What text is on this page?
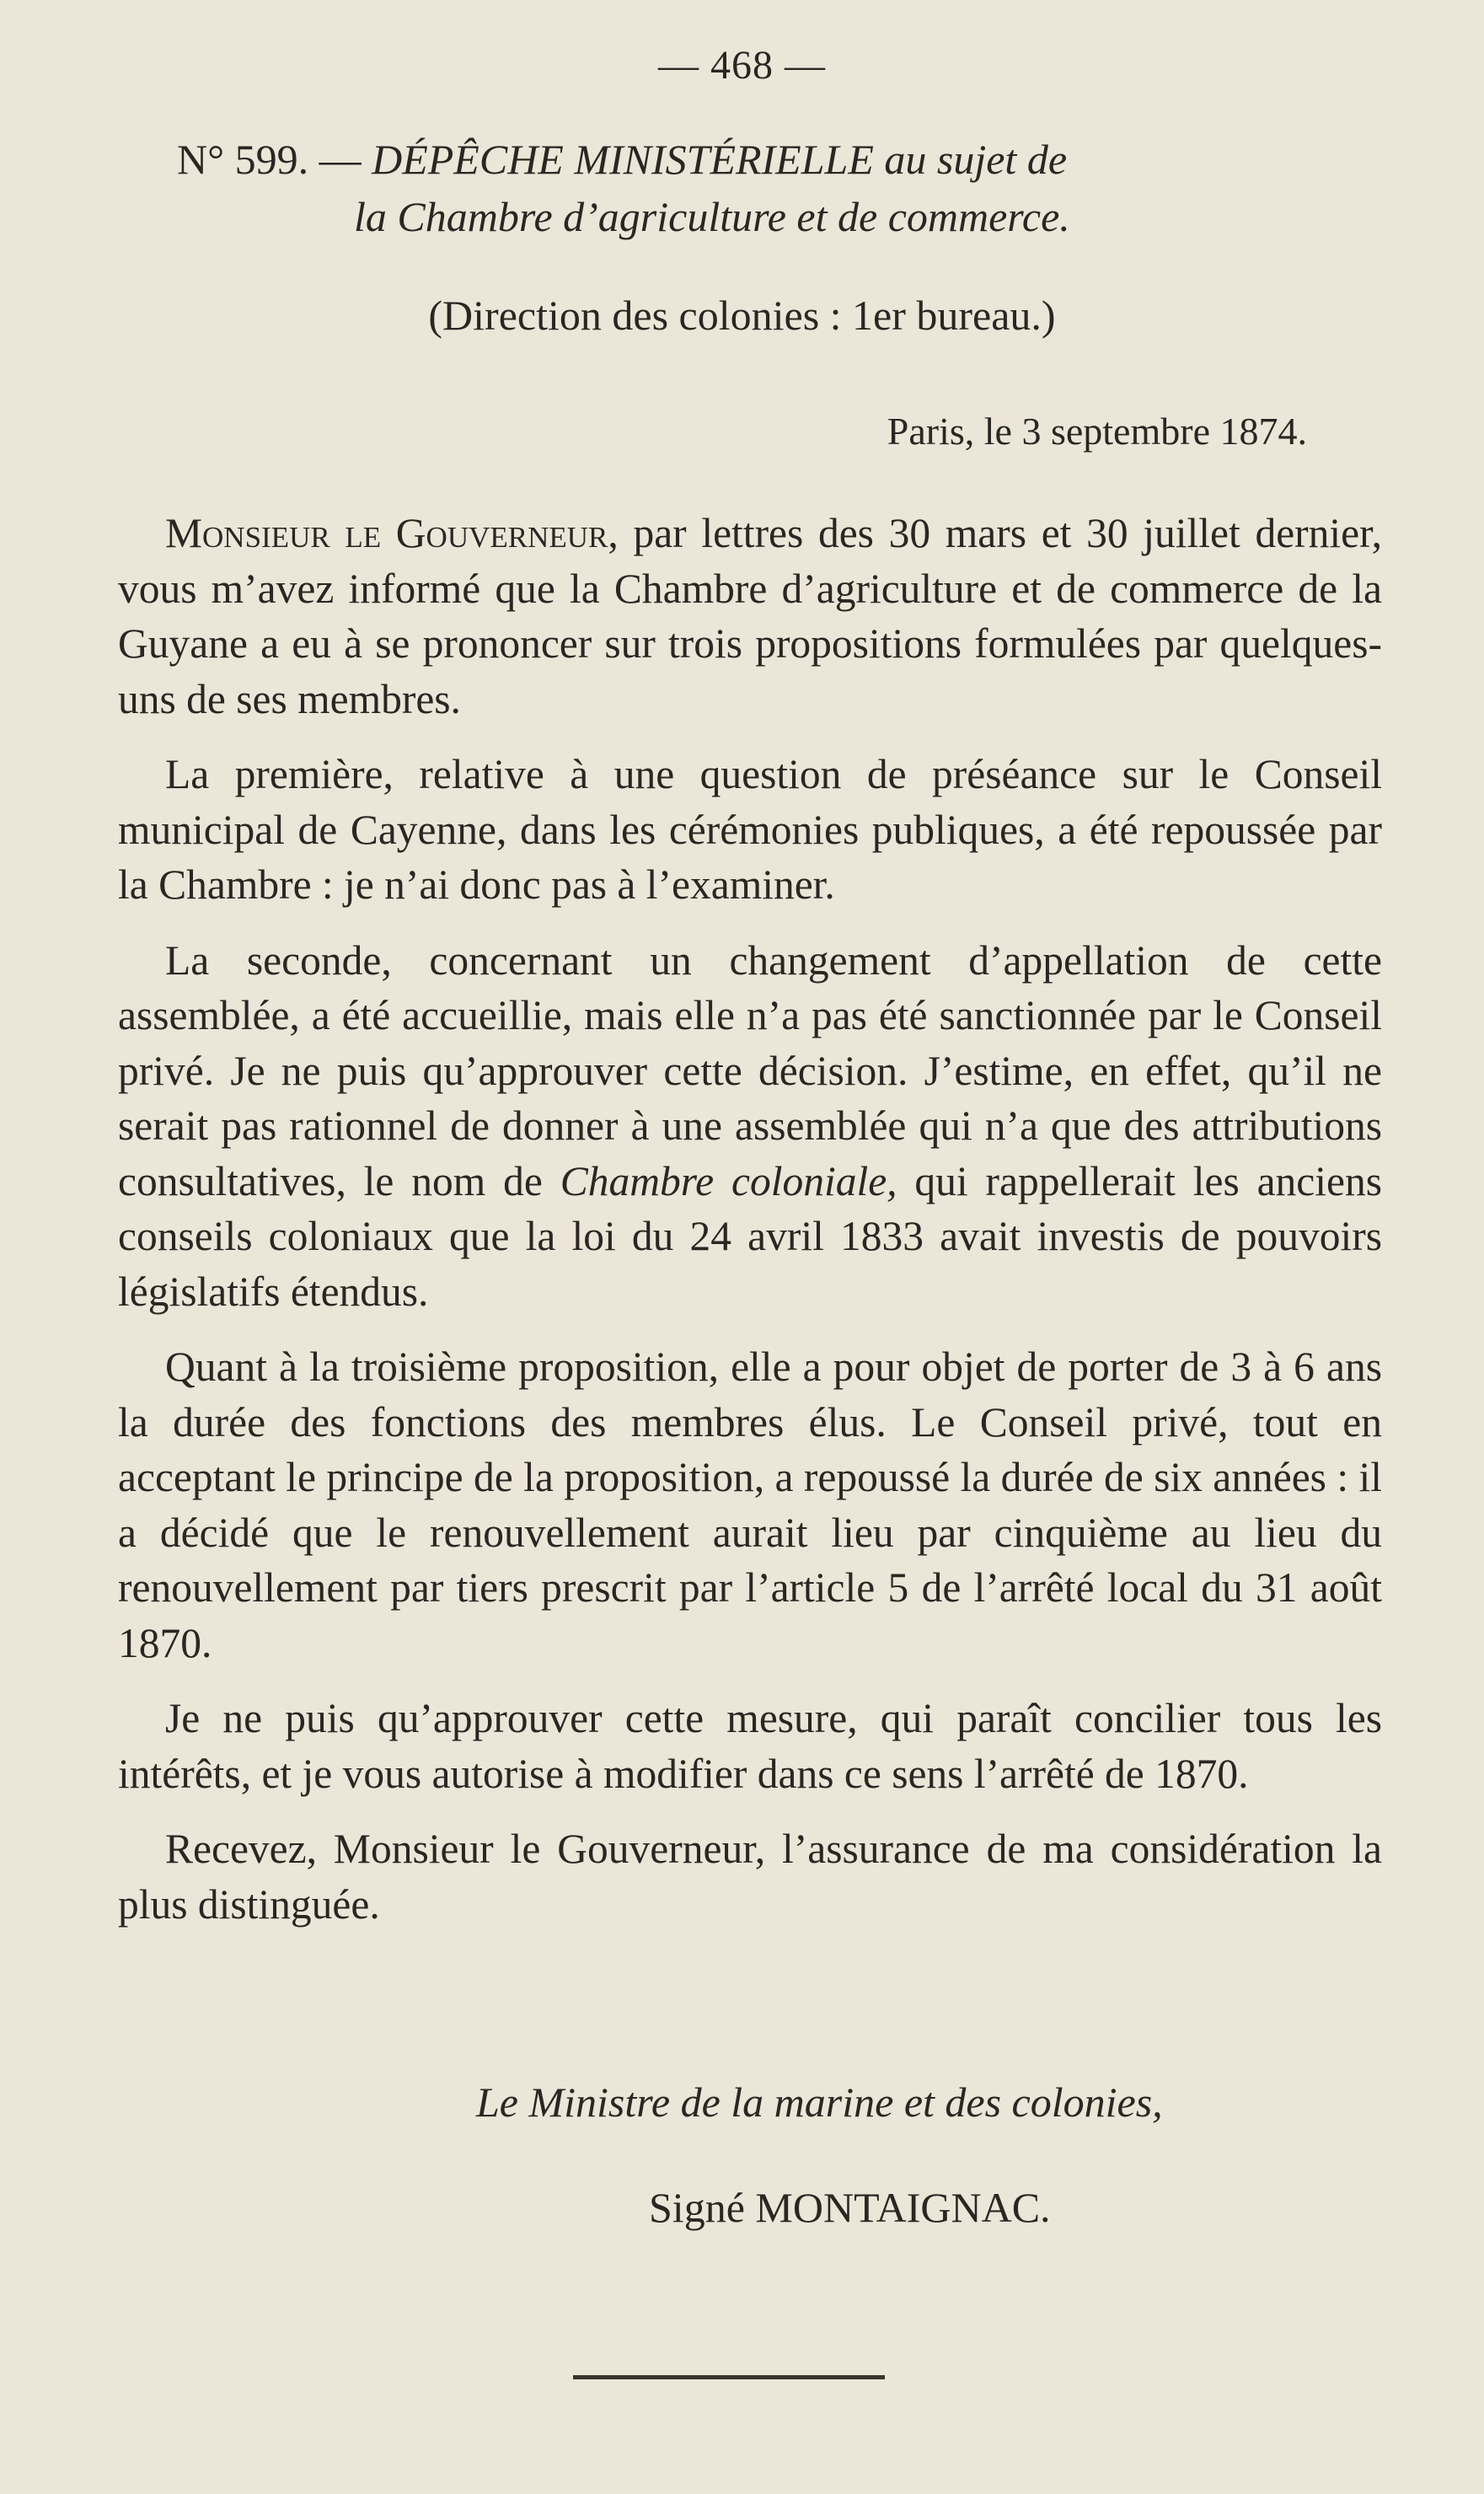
— 468 —
N° 599. — DÉPÊCHE MINISTÉRIELLE au sujet de
la Chambre d’agriculture et de commerce.
(Direction des colonies : 1er bureau.)
Paris, le 3 septembre 1874.

Monsieur le Gouverneur, par lettres des 30 mars et 30 juillet dernier, vous m’avez informé que la Chambre d’agriculture et de commerce de la Guyane a eu à se prononcer sur trois propositions formulées par quelques-uns de ses membres.

La première, relative à une question de préséance sur le Conseil municipal de Cayenne, dans les cérémonies publiques, a été repoussée par la Chambre : je n’ai donc pas à l’examiner.

La seconde, concernant un changement d’appellation de cette assemblée, a été accueillie, mais elle n’a pas été sanctionnée par le Conseil privé. Je ne puis qu’approuver cette décision. J’estime, en effet, qu’il ne serait pas rationnel de donner à une assemblée qui n’a que des attributions consultatives, le nom de Chambre coloniale, qui rappellerait les anciens conseils coloniaux que la loi du 24 avril 1833 avait investis de pouvoirs législatifs étendus.

Quant à la troisième proposition, elle a pour objet de porter de 3 à 6 ans la durée des fonctions des membres élus. Le Conseil privé, tout en acceptant le principe de la proposition, a repoussé la durée de six années : il a décidé que le renouvellement aurait lieu par cinquième au lieu du renouvellement par tiers prescrit par l’article 5 de l’arrêté local du 31 août 1870.

Je ne puis qu’approuver cette mesure, qui paraît concilier tous les intérêts, et je vous autorise à modifier dans ce sens l’arrêté de 1870.

Recevez, Monsieur le Gouverneur, l’assurance de ma considération la plus distinguée.

Le Ministre de la marine et des colonies,
Signé MONTAIGNAC.
